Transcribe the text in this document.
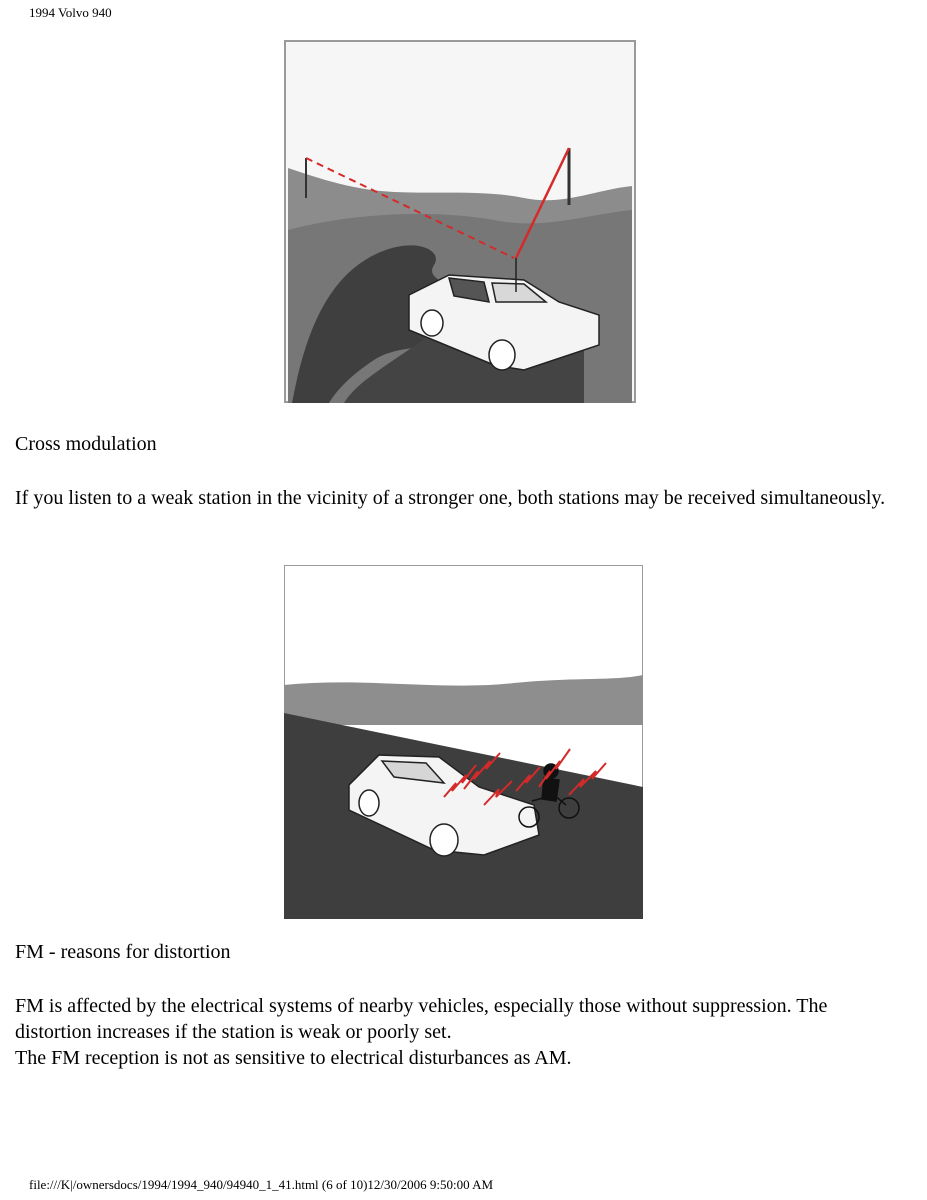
1994 Volvo 940
Cross modulation
If you listen to a weak station in the vicinity of a stronger one, both stations may be received simultaneously.
FM - reasons for distortion
FM is affected by the electrical systems of nearby vehicles, especially those without suppression. The distortion increases if the station is weak or poorly set.
The FM reception is not as sensitive to electrical disturbances as AM.
file:///K|/ownersdocs/1994/1994_940/94940_1_41.html (6 of 10)12/30/2006 9:50:00 AM
